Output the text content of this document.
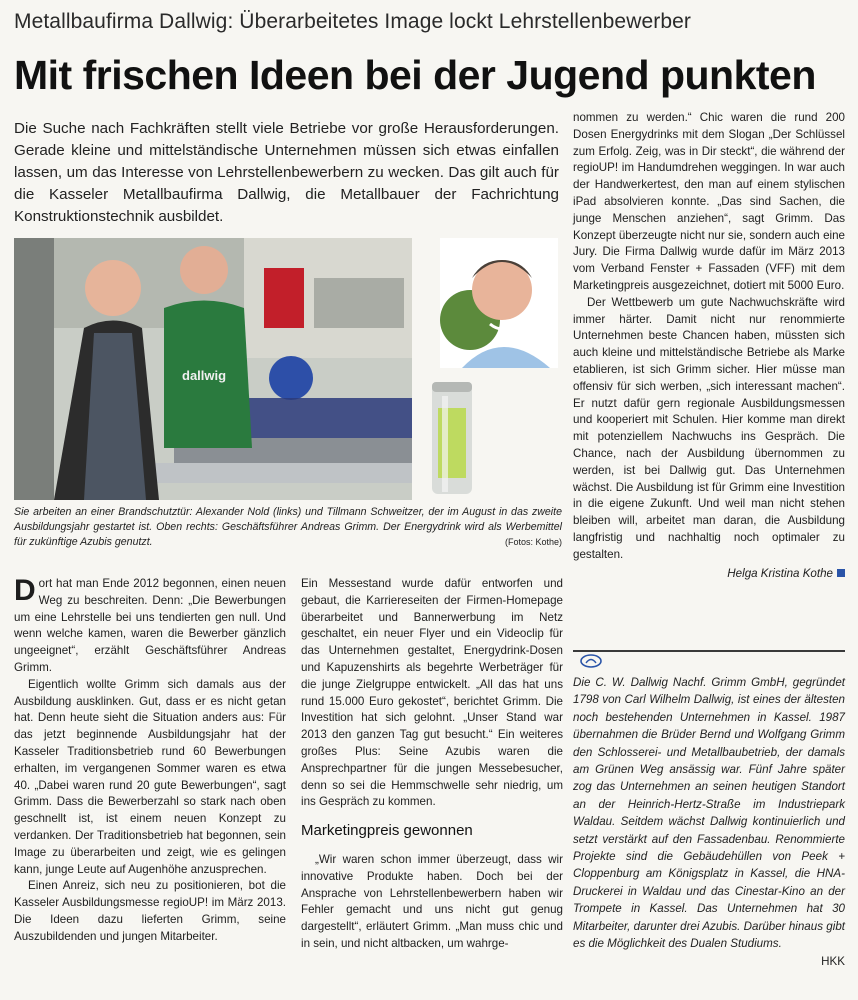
Metallbaufirma Dallwig: Überarbeitetes Image lockt Lehrstellenbewerber
Mit frischen Ideen bei der Jugend punkten
Die Suche nach Fachkräften stellt viele Betriebe vor große Herausforderungen. Gerade kleine und mittelständische Unternehmen müssen sich etwas einfallen lassen, um das Interesse von Lehrstellenbewerbern zu wecken. Das gilt auch für die Kasseler Metallbaufirma Dallwig, die Metallbauer der Fachrichtung Konstruktionstechnik ausbildet.
dallwig
Sie arbeiten an einer Brandschutztür: Alexander Nold (links) und Tillmann Schweitzer, der im August in das zweite Ausbildungsjahr gestartet ist. Oben rechts: Geschäftsführer Andreas Grimm. Der Energydrink wird als Werbemittel für zukünftige Azubis genutzt.	(Fotos: Kothe)

Dort hat man Ende 2012 begonnen, einen neuen Weg zu beschreiten. Denn: „Die Bewerbungen um eine Lehrstelle bei uns tendierten gen null. Und wenn welche kamen, waren die Bewerber gänzlich ungeeignet“, erzählt Geschäftsführer Andreas Grimm.

Eigentlich wollte Grimm sich damals aus der Ausbildung ausklinken. Gut, dass er es nicht getan hat. Denn heute sieht die Situation anders aus: Für das jetzt beginnende Ausbildungsjahr hat der Kasseler Traditionsbetrieb rund 60 Bewerbungen erhalten, im vergangenen Sommer waren es etwa 40. „Dabei waren rund 20 gute Bewerbungen“, sagt Grimm. Dass die Bewerberzahl so stark nach oben geschnellt ist, ist einem neuen Konzept zu verdanken. Der Traditionsbetrieb hat begonnen, sein Image zu überarbeiten und zeigt, wie es gelingen kann, junge Leute auf Augenhöhe anzusprechen.

Einen Anreiz, sich neu zu positionieren, bot die Kasseler Ausbildungsmesse regioUP! im März 2013. Die Ideen dazu lieferten Grimm, seine Auszubildenden und jungen Mitarbeiter.

Ein Messestand wurde dafür entworfen und gebaut, die Karriereseiten der Firmen-Homepage überarbeitet und Bannerwerbung im Netz geschaltet, ein neuer Flyer und ein Videoclip für das Unternehmen gestaltet, Energydrink-Dosen und Kapuzenshirts als begehrte Werbeträger für die junge Zielgruppe entwickelt. „All das hat uns rund 15.000 Euro gekostet“, berichtet Grimm. Die Investition hat sich gelohnt. „Unser Stand war 2013 den ganzen Tag gut besucht.“ Ein weiteres großes Plus: Seine Azubis waren die Ansprechpartner für die jungen Messebesucher, denn so sei die Hemmschwelle sehr niedrig, um ins Gespräch zu kommen.

Marketingpreis gewonnen

„Wir waren schon immer überzeugt, dass wir innovative Produkte haben. Doch bei der Ansprache von Lehrstellenbewerbern haben wir Fehler gemacht und uns nicht gut genug dargestellt“, erläutert Grimm. „Man muss chic und in sein, und nicht altbacken, um wahrge-

nommen zu werden.“ Chic waren die rund 200 Dosen Energydrinks mit dem Slogan „Der Schlüssel zum Erfolg. Zeig, was in Dir steckt“, die während der regioUP! im Handumdrehen weggingen. In war auch der Handwerkertest, den man auf einem stylischen iPad absolvieren konnte. „Das sind Sachen, die junge Menschen anziehen“, sagt Grimm. Das Konzept überzeugte nicht nur sie, sondern auch eine Jury. Die Firma Dallwig wurde dafür im März 2013 vom Verband Fenster + Fassaden (VFF) mit dem Marketingpreis ausgezeichnet, dotiert mit 5000 Euro.

Der Wettbewerb um gute Nachwuchskräfte wird immer härter. Damit nicht nur renommierte Unternehmen beste Chancen haben, müssten sich auch kleine und mittelständische Betriebe als Marke etablieren, ist sich Grimm sicher. Hier müsse man offensiv für sich werben, „sich interessant machen“. Er nutzt dafür gern regionale Ausbildungsmessen und kooperiert mit Schulen. Hier komme man direkt mit potenziellem Nachwuchs ins Gespräch. Die Chance, nach der Ausbildung übernommen zu werden, ist bei Dallwig gut. Das Unternehmen wächst. Die Ausbildung ist für Grimm eine Investition in die eigene Zukunft. Und weil man nicht stehen bleiben will, arbeitet man daran, die Ausbildung langfristig und nachhaltig noch optimaler zu gestalten.

Helga Kristina Kothe

Die C. W. Dallwig Nachf. Grimm GmbH, gegründet 1798 von Carl Wilhelm Dallwig, ist eines der ältesten noch bestehenden Unternehmen in Kassel. 1987 übernahmen die Brüder Bernd und Wolfgang Grimm den Schlosserei- und Metallbaubetrieb, der damals am Grünen Weg ansässig war. Fünf Jahre später zog das Unternehmen an seinen heutigen Standort an der Heinrich-Hertz-Straße im Industriepark Waldau. Seitdem wächst Dallwig kontinuierlich und setzt verstärkt auf den Fassadenbau. Renommierte Projekte sind die Gebäudehüllen von Peek + Cloppenburg am Königsplatz in Kassel, die HNA-Druckerei in Waldau und das Cinestar-Kino an der Trompete in Kassel. Das Unternehmen hat 30 Mitarbeiter, darunter drei Azubis. Darüber hinaus gibt es die Möglichkeit des Dualen Studiums.

HKK
